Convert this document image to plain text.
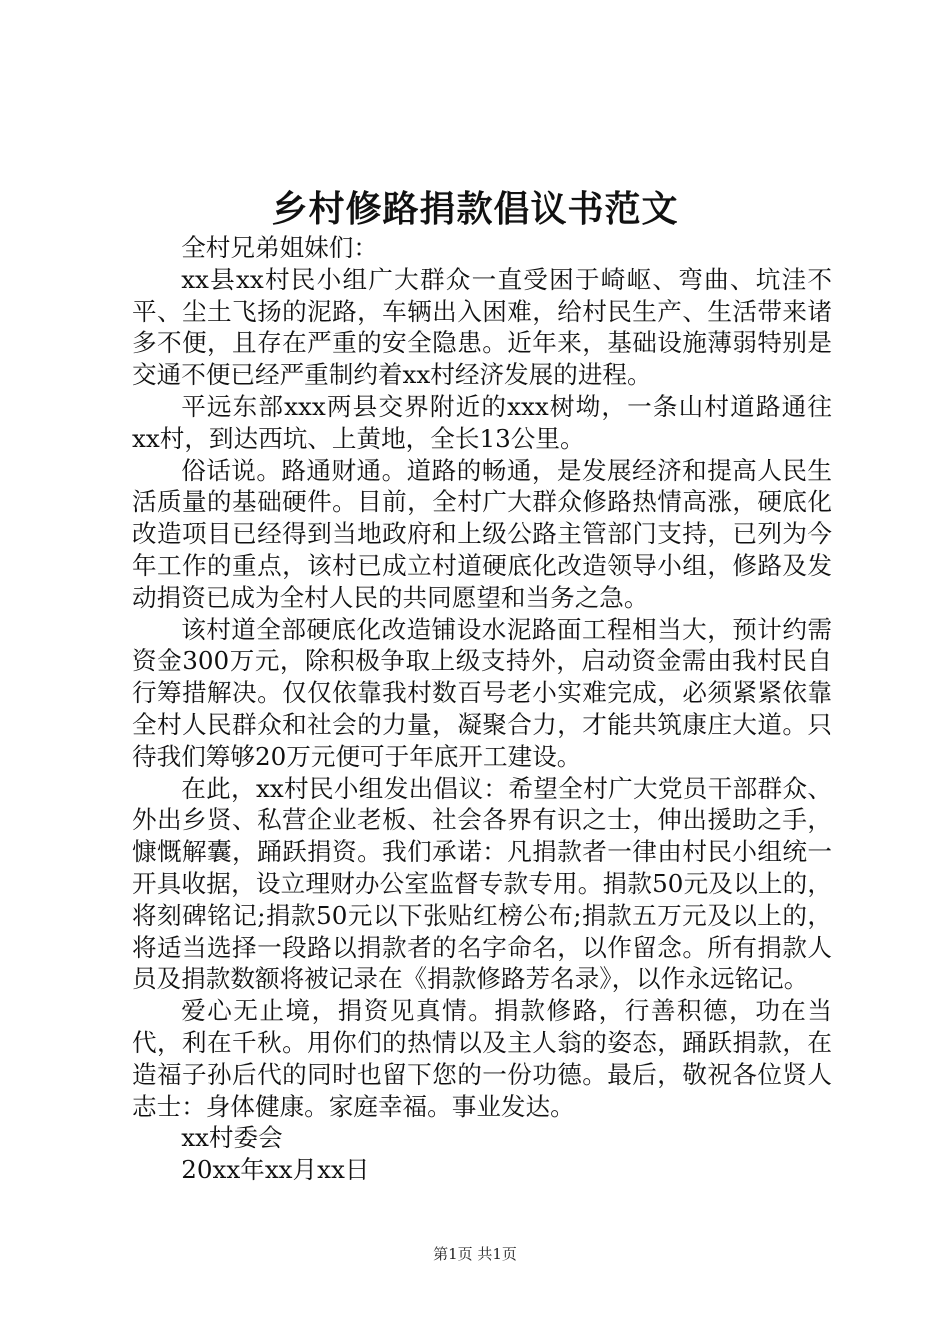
乡村修路捐款倡议书范文

全村兄弟姐妹们：

xx县xx村民小组广大群众一直受困于崎岖、弯曲、坑洼不平、尘土飞扬的泥路，车辆出入困难，给村民生产、生活带来诸多不便，且存在严重的安全隐患。近年来，基础设施薄弱特别是交通不便已经严重制约着xx村经济发展的进程。

平远东部xxx两县交界附近的xxx树坳，一条山村道路通往xx村，到达西坑、上黄地，全长13公里。

俗话说。路通财通。道路的畅通，是发展经济和提高人民生活质量的基础硬件。目前，全村广大群众修路热情高涨，硬底化改造项目已经得到当地政府和上级公路主管部门支持，已列为今年工作的重点，该村已成立村道硬底化改造领导小组，修路及发动捐资已成为全村人民的共同愿望和当务之急。

该村道全部硬底化改造铺设水泥路面工程相当大，预计约需资金300万元，除积极争取上级支持外，启动资金需由我村民自行筹措解决。仅仅依靠我村数百号老小实难完成，必须紧紧依靠全村人民群众和社会的力量，凝聚合力，才能共筑康庄大道。只待我们筹够20万元便可于年底开工建设。

在此，xx村民小组发出倡议：希望全村广大党员干部群众、外出乡贤、私营企业老板、社会各界有识之士，伸出援助之手，慷慨解囊，踊跃捐资。我们承诺：凡捐款者一律由村民小组统一开具收据，设立理财办公室监督专款专用。捐款50元及以上的，将刻碑铭记;捐款50元以下张贴红榜公布;捐款五万元及以上的，将适当选择一段路以捐款者的名字命名，以作留念。所有捐款人员及捐款数额将被记录在《捐款修路芳名录》，以作永远铭记。

爱心无止境，捐资见真情。捐款修路，行善积德，功在当代，利在千秋。用你们的热情以及主人翁的姿态，踊跃捐款，在造福子孙后代的同时也留下您的一份功德。最后，敬祝各位贤人志士：身体健康。家庭幸福。事业发达。

xx村委会

20xx年xx月xx日

第1页 共1页
